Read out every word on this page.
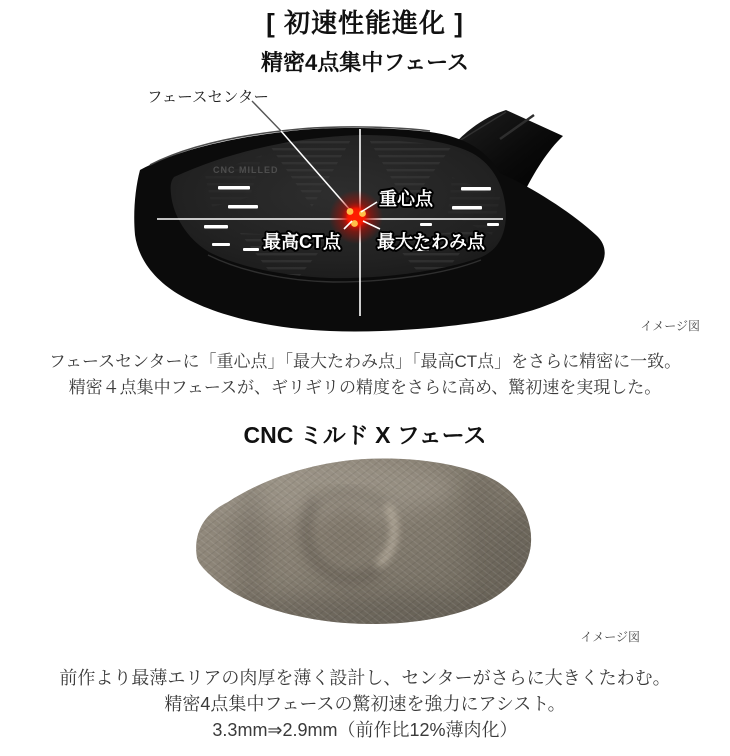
[ 初速性能進化 ]
精密4点集中フェース
CNC MILLED
重心点
最高CT点 最大たわみ点
フェースセンター
イメージ図

フェースセンターに「重心点」「最大たわみ点」「最高CT点」をさらに精密に一致。
精密４点集中フェースが、ギリギリの精度をさらに高め、驚初速を実現した。

CNC ミルド X フェース
イメージ図

前作より最薄エリアの肉厚を薄く設計し、センターがさらに大きくたわむ。
精密4点集中フェースの驚初速を強力にアシスト。
3.3mm⇒2.9mm（前作比12%薄肉化）
